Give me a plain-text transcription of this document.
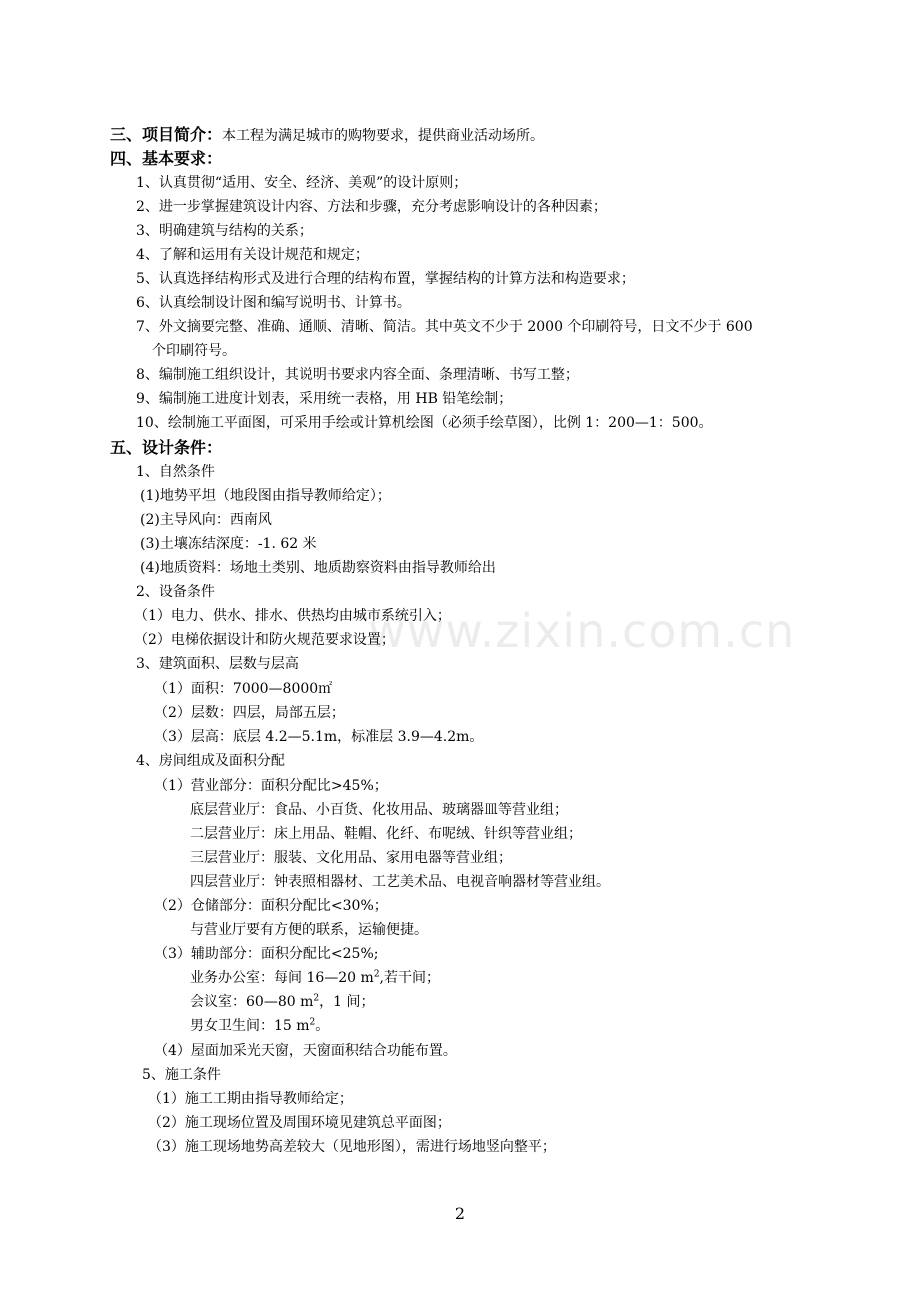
www.zixin.com.cn
三、项目简介：本工程为满足城市的购物要求，提供商业活动场所。
四、基本要求：
1、认真贯彻“适用、安全、经济、美观”的设计原则；
2、进一步掌握建筑设计内容、方法和步骤，充分考虑影响设计的各种因素；
3、明确建筑与结构的关系；
4、了解和运用有关设计规范和规定；
5、认真选择结构形式及进行合理的结构布置，掌握结构的计算方法和构造要求；
6、认真绘制设计图和编写说明书、计算书。
7、外文摘要完整、准确、通顺、清晰、简洁。其中英文不少于 2000 个印刷符号，日文不少于 600
个印刷符号。
8、编制施工组织设计，其说明书要求内容全面、条理清晰、书写工整；
9、编制施工进度计划表，采用统一表格，用 HB 铅笔绘制；
10、绘制施工平面图，可采用手绘或计算机绘图（必须手绘草图），比例 1：200—1：500。
五、设计条件：
1、自然条件
(1)地势平坦（地段图由指导教师给定）；
(2)主导风向：西南风
(3)土壤冻结深度：-1. 62 米
(4)地质资料：场地土类别、地质勘察资料由指导教师给出
2、设备条件
（1）电力、供水、排水、供热均由城市系统引入；
（2）电梯依据设计和防火规范要求设置；
3、建筑面积、层数与层高
（1）面积：7000—8000㎡
（2）层数：四层，局部五层；
（3）层高：底层 4.2—5.1m，标准层 3.9—4.2m。
4、房间组成及面积分配
（1）营业部分：面积分配比>45%；
底层营业厅：食品、小百货、化妆用品、玻璃器皿等营业组；
二层营业厅：床上用品、鞋帽、化纤、布呢绒、针织等营业组；
三层营业厅：服装、文化用品、家用电器等营业组；
四层营业厅：钟表照相器材、工艺美术品、电视音响器材等营业组。
（2）仓储部分：面积分配比<30%；
与营业厅要有方便的联系，运输便捷。
（3）辅助部分：面积分配比<25%;
业务办公室：每间 16—20 $m^2$,若干间；
会议室：60—80 $m^2$，1 间；
男女卫生间：15 $m^2$。
（4）屋面加采光天窗，天窗面积结合功能布置。
5、施工条件
（1）施工工期由指导教师给定；
（2）施工现场位置及周围环境见建筑总平面图；
（3）施工现场地势高差较大（见地形图），需进行场地竖向整平；
2
